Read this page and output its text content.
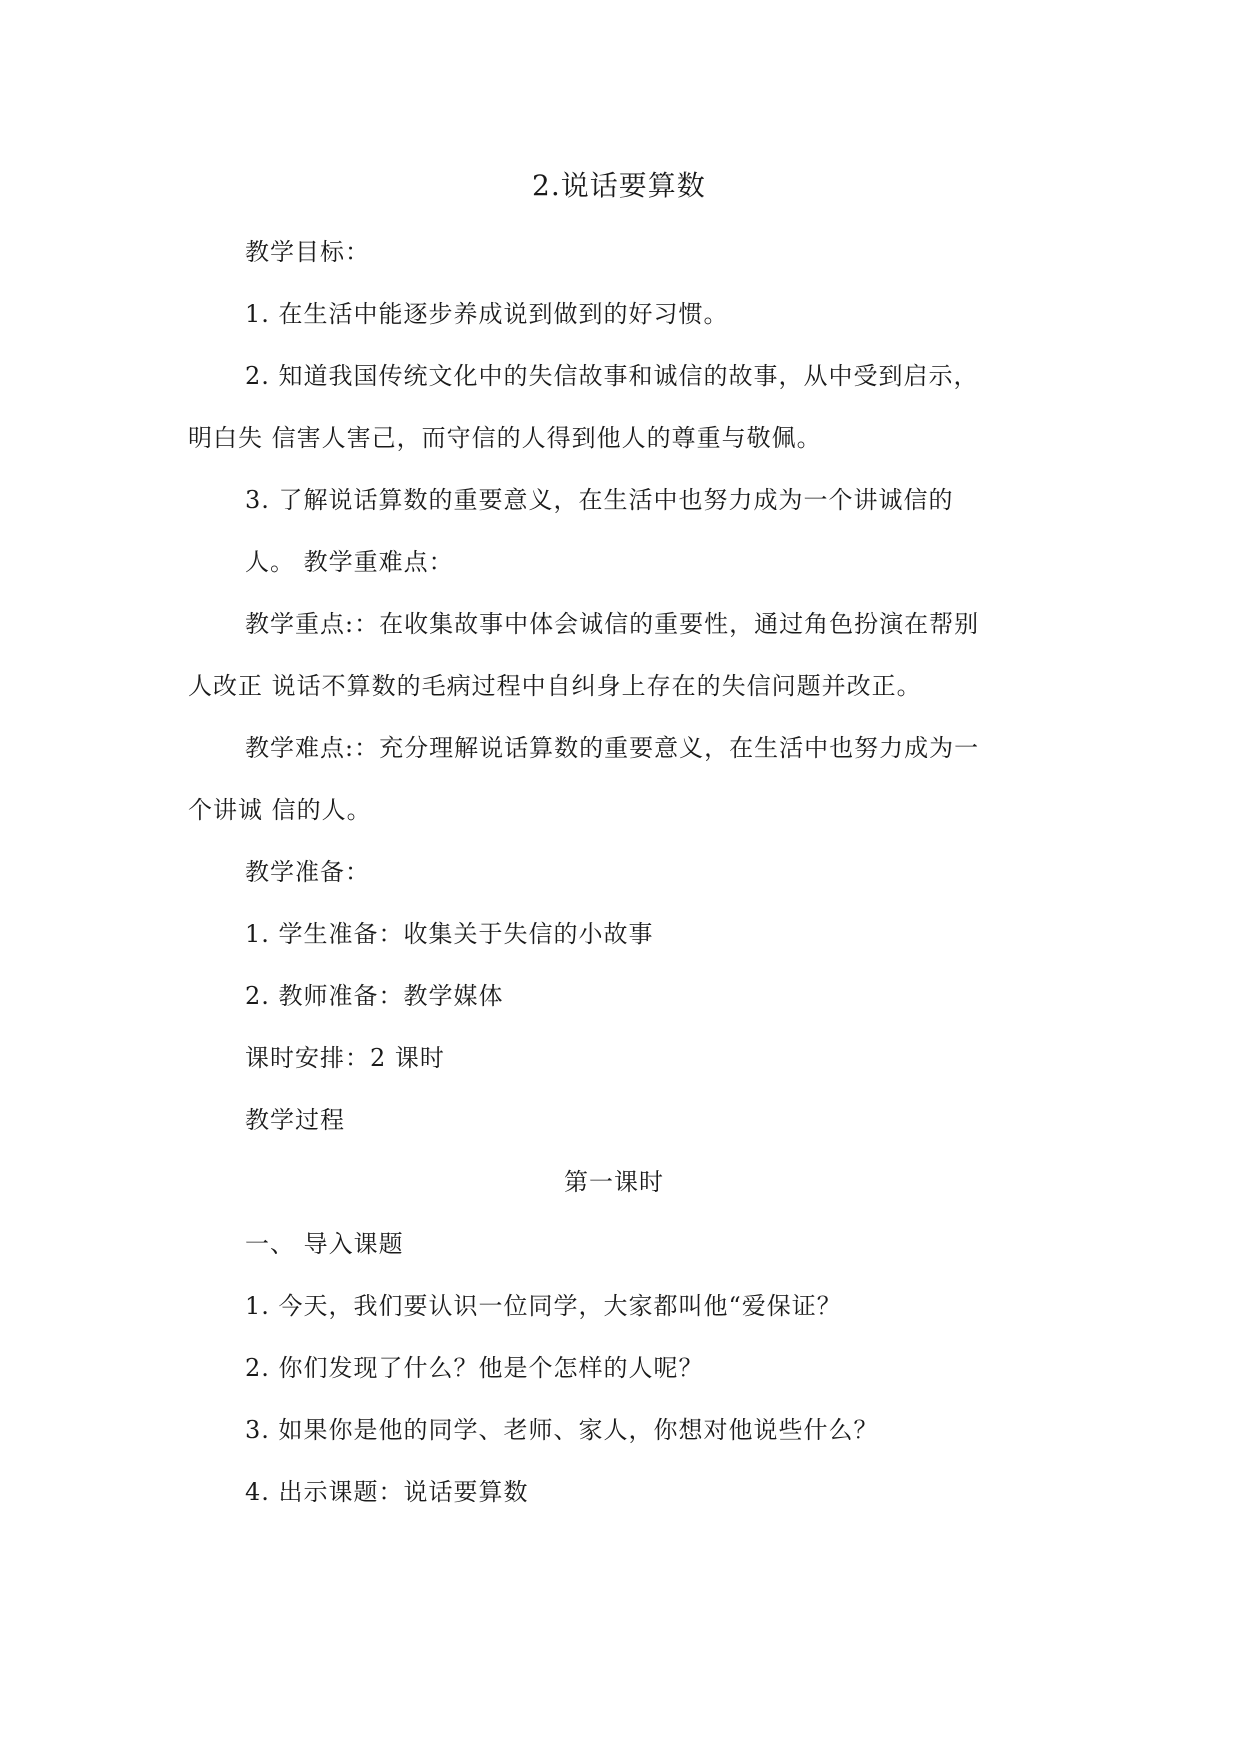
2.说话要算数
教学目标：
1. 在生活中能逐步养成说到做到的好习惯。
2. 知道我国传统文化中的失信故事和诚信的故事，从中受到启示，
明白失 信害人害己，而守信的人得到他人的尊重与敬佩。
3. 了解说话算数的重要意义，在生活中也努力成为一个讲诚信的
人。 教学重难点：
教学重点:：在收集故事中体会诚信的重要性，通过角色扮演在帮别
人改正 说话不算数的毛病过程中自纠身上存在的失信问题并改正。
教学难点:：充分理解说话算数的重要意义，在生活中也努力成为一
个讲诚 信的人。
教学准备：
1. 学生准备：收集关于失信的小故事
2. 教师准备：教学媒体
课时安排：2 课时
教学过程
第一课时
一、 导入课题
1. 今天，我们要认识一位同学，大家都叫他“爱保证？
2. 你们发现了什么？他是个怎样的人呢？
3. 如果你是他的同学、老师、家人，你想对他说些什么？
4. 出示课题：说话要算数
